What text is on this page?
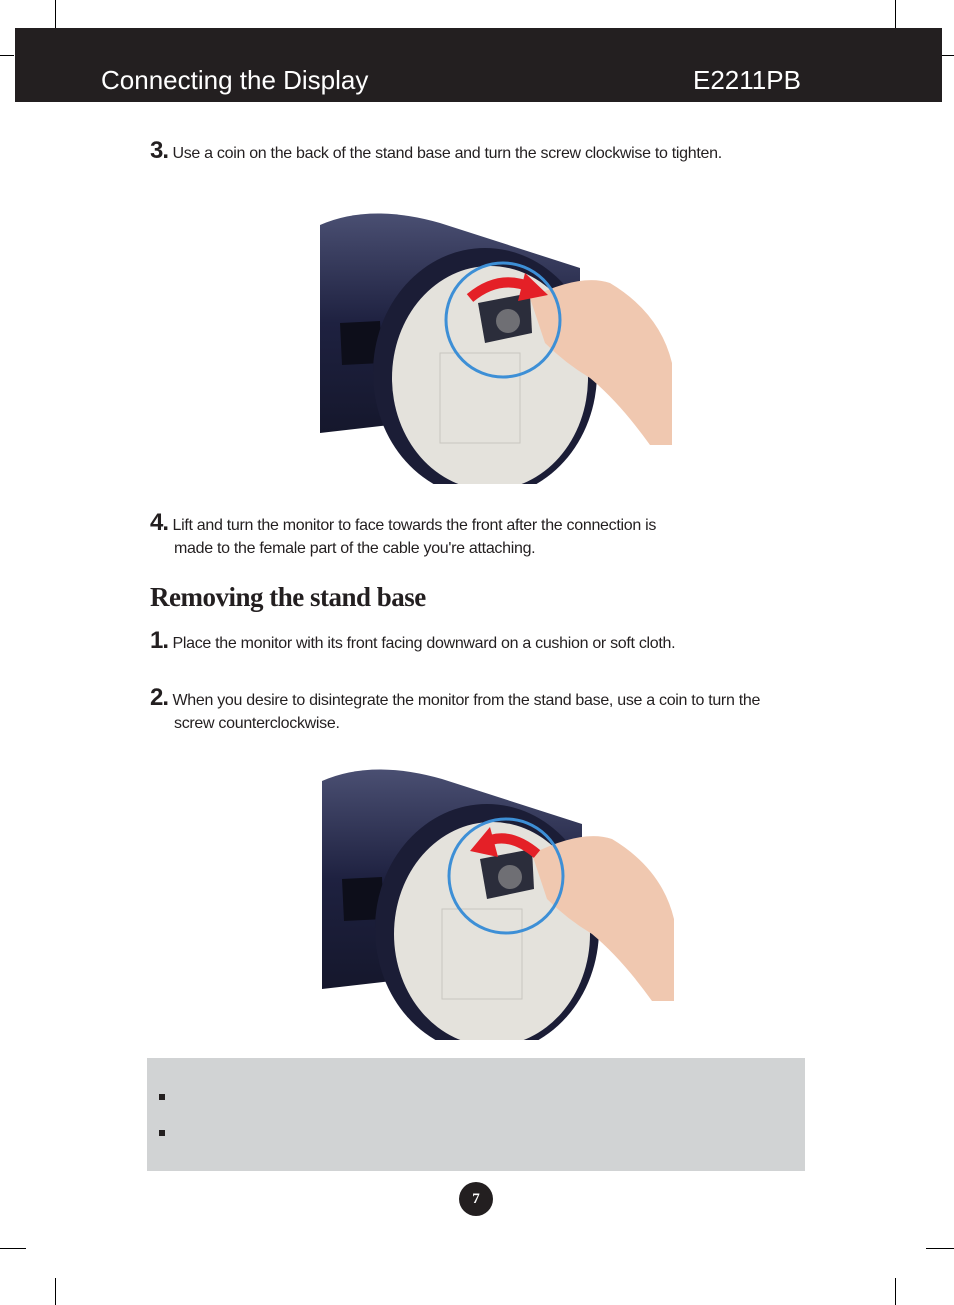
Connecting the Display	E2211PB
3. Use a coin on the back of the stand base and turn the screw clockwise to tighten.
4. Lift and turn the monitor to face towards the front after the connection is
made to the female part of the cable you're attaching.
Removing the stand base
1. Place the monitor with its front facing downward on a cushion or soft cloth.
2. When you desire to disintegrate the monitor from the stand base, use a coin to turn the
screw counterclockwise.
7
